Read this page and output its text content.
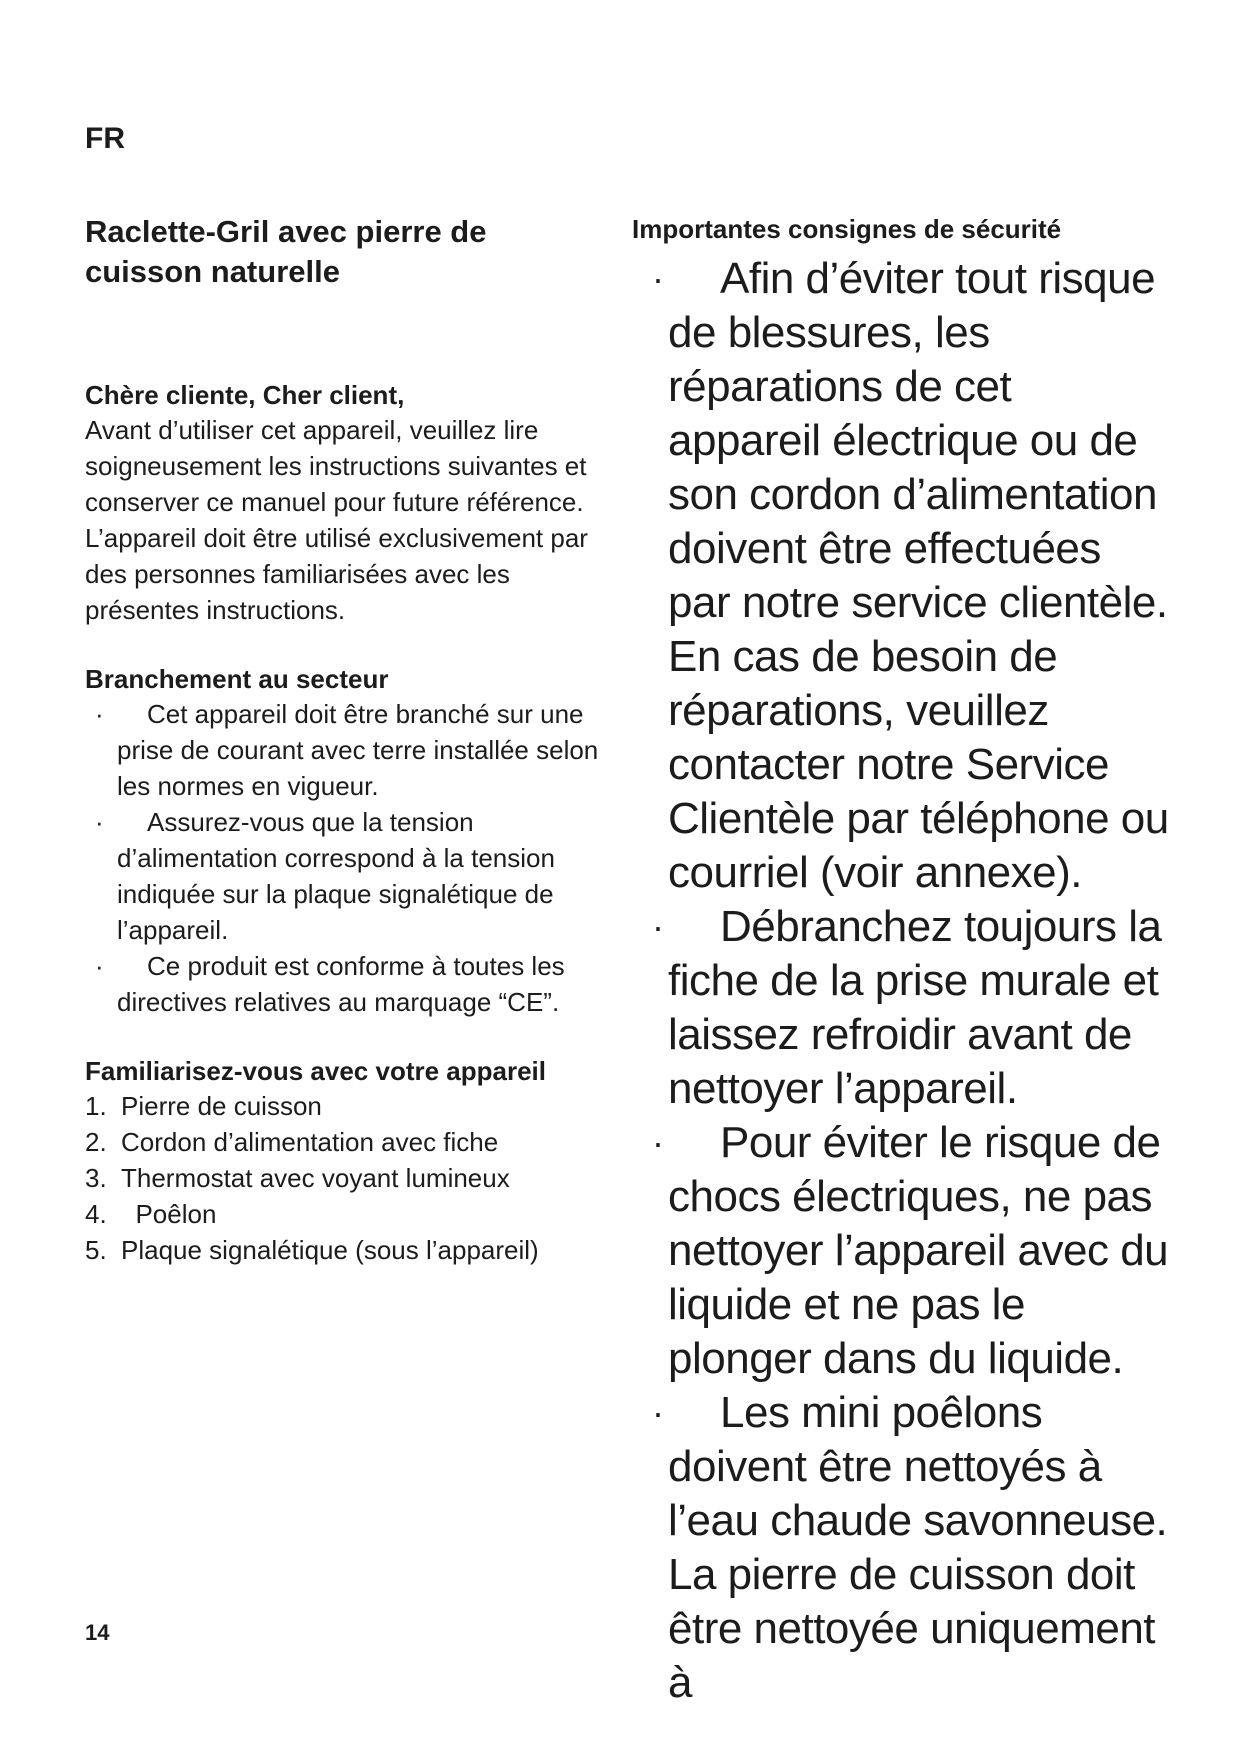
FR
Raclette-Gril avec pierre de cuisson naturelle

Chère cliente, Cher client,

Avant d’utiliser cet appareil, veuillez lire soigneusement les instructions suivantes et conserver ce manuel pour future référence. L’appareil doit être utilisé exclusivement par des personnes familiarisées avec les présentes instructions.

Branchement au secteur

· Cet appareil doit être branché sur une prise de courant avec terre installée selon les normes en vigueur.
· Assurez-vous que la tension d’alimentation correspond à la tension indiquée sur la plaque signalétique de l’appareil.
· Ce produit est conforme à toutes les directives relatives au marquage “CE”.

Familiarisez-vous avec votre appareil

1. Pierre de cuisson
2. Cordon d’alimentation avec fiche
3. Thermostat avec voyant lumineux
4.  Poêlon
5. Plaque signalétique (sous l’appareil)

Importantes consignes de sécurité

· Afin d’éviter tout risque de blessures, les réparations de cet appareil électrique ou de son cordon d’alimentation doivent être effectuées par notre service clientèle. En cas de besoin de réparations, veuillez contacter notre Service Clientèle par téléphone ou courriel (voir annexe).
· Débranchez toujours la fiche de la prise murale et laissez refroidir avant de nettoyer l’appareil.
· Pour éviter le risque de chocs électriques, ne pas nettoyer l’appareil avec du liquide et ne pas le plonger dans du liquide.
· Les mini poêlons doivent être nettoyés à l’eau chaude savonneuse. La pierre de cuisson doit être nettoyée uniquement à
14
